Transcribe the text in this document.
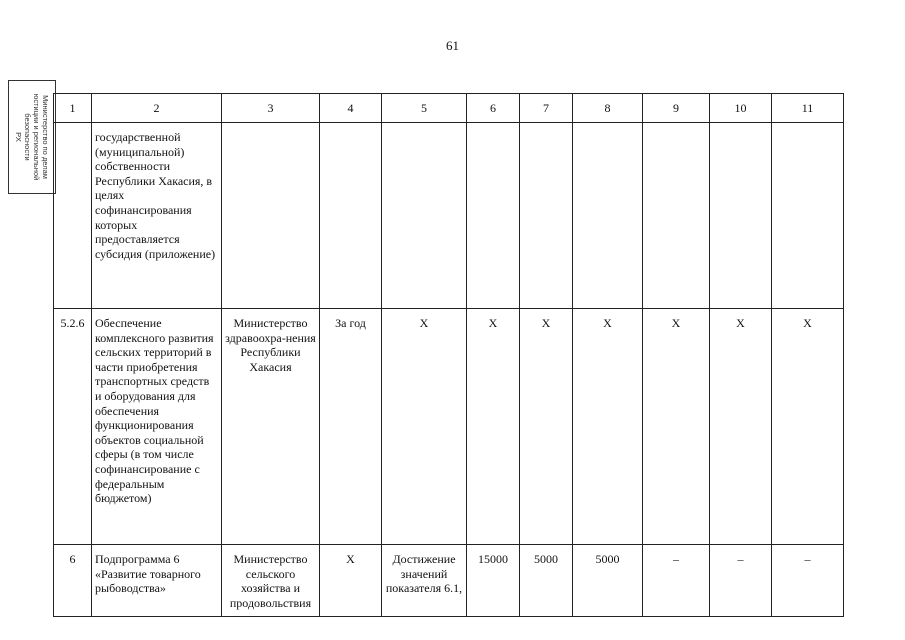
61
Министерство по делам
юстиции и региональной
безопасности
РХ
1	2	3	4	5	6	7	8	9	10	11
	государственной (муниципальной) собственности Республики Хакасия, в целях софинансирования которых предоставляется субсидия (приложение)									
5.2.6	Обеспечение комплексного развития сельских территорий в части приобретения транспортных средств и оборудования для обеспечения функционирования объектов социальной сферы (в том числе софинансирование с федеральным бюджетом)	Министерство здравоохра-нения Республики Хакасия	За год	Х	Х	Х	Х	Х	Х	Х
6	Подпрограмма 6 «Развитие товарного рыбоводства»	Министерство сельского хозяйства и продовольствия	Х	Достижение значений показателя 6.1,	15000	5000	5000	–	–	–
